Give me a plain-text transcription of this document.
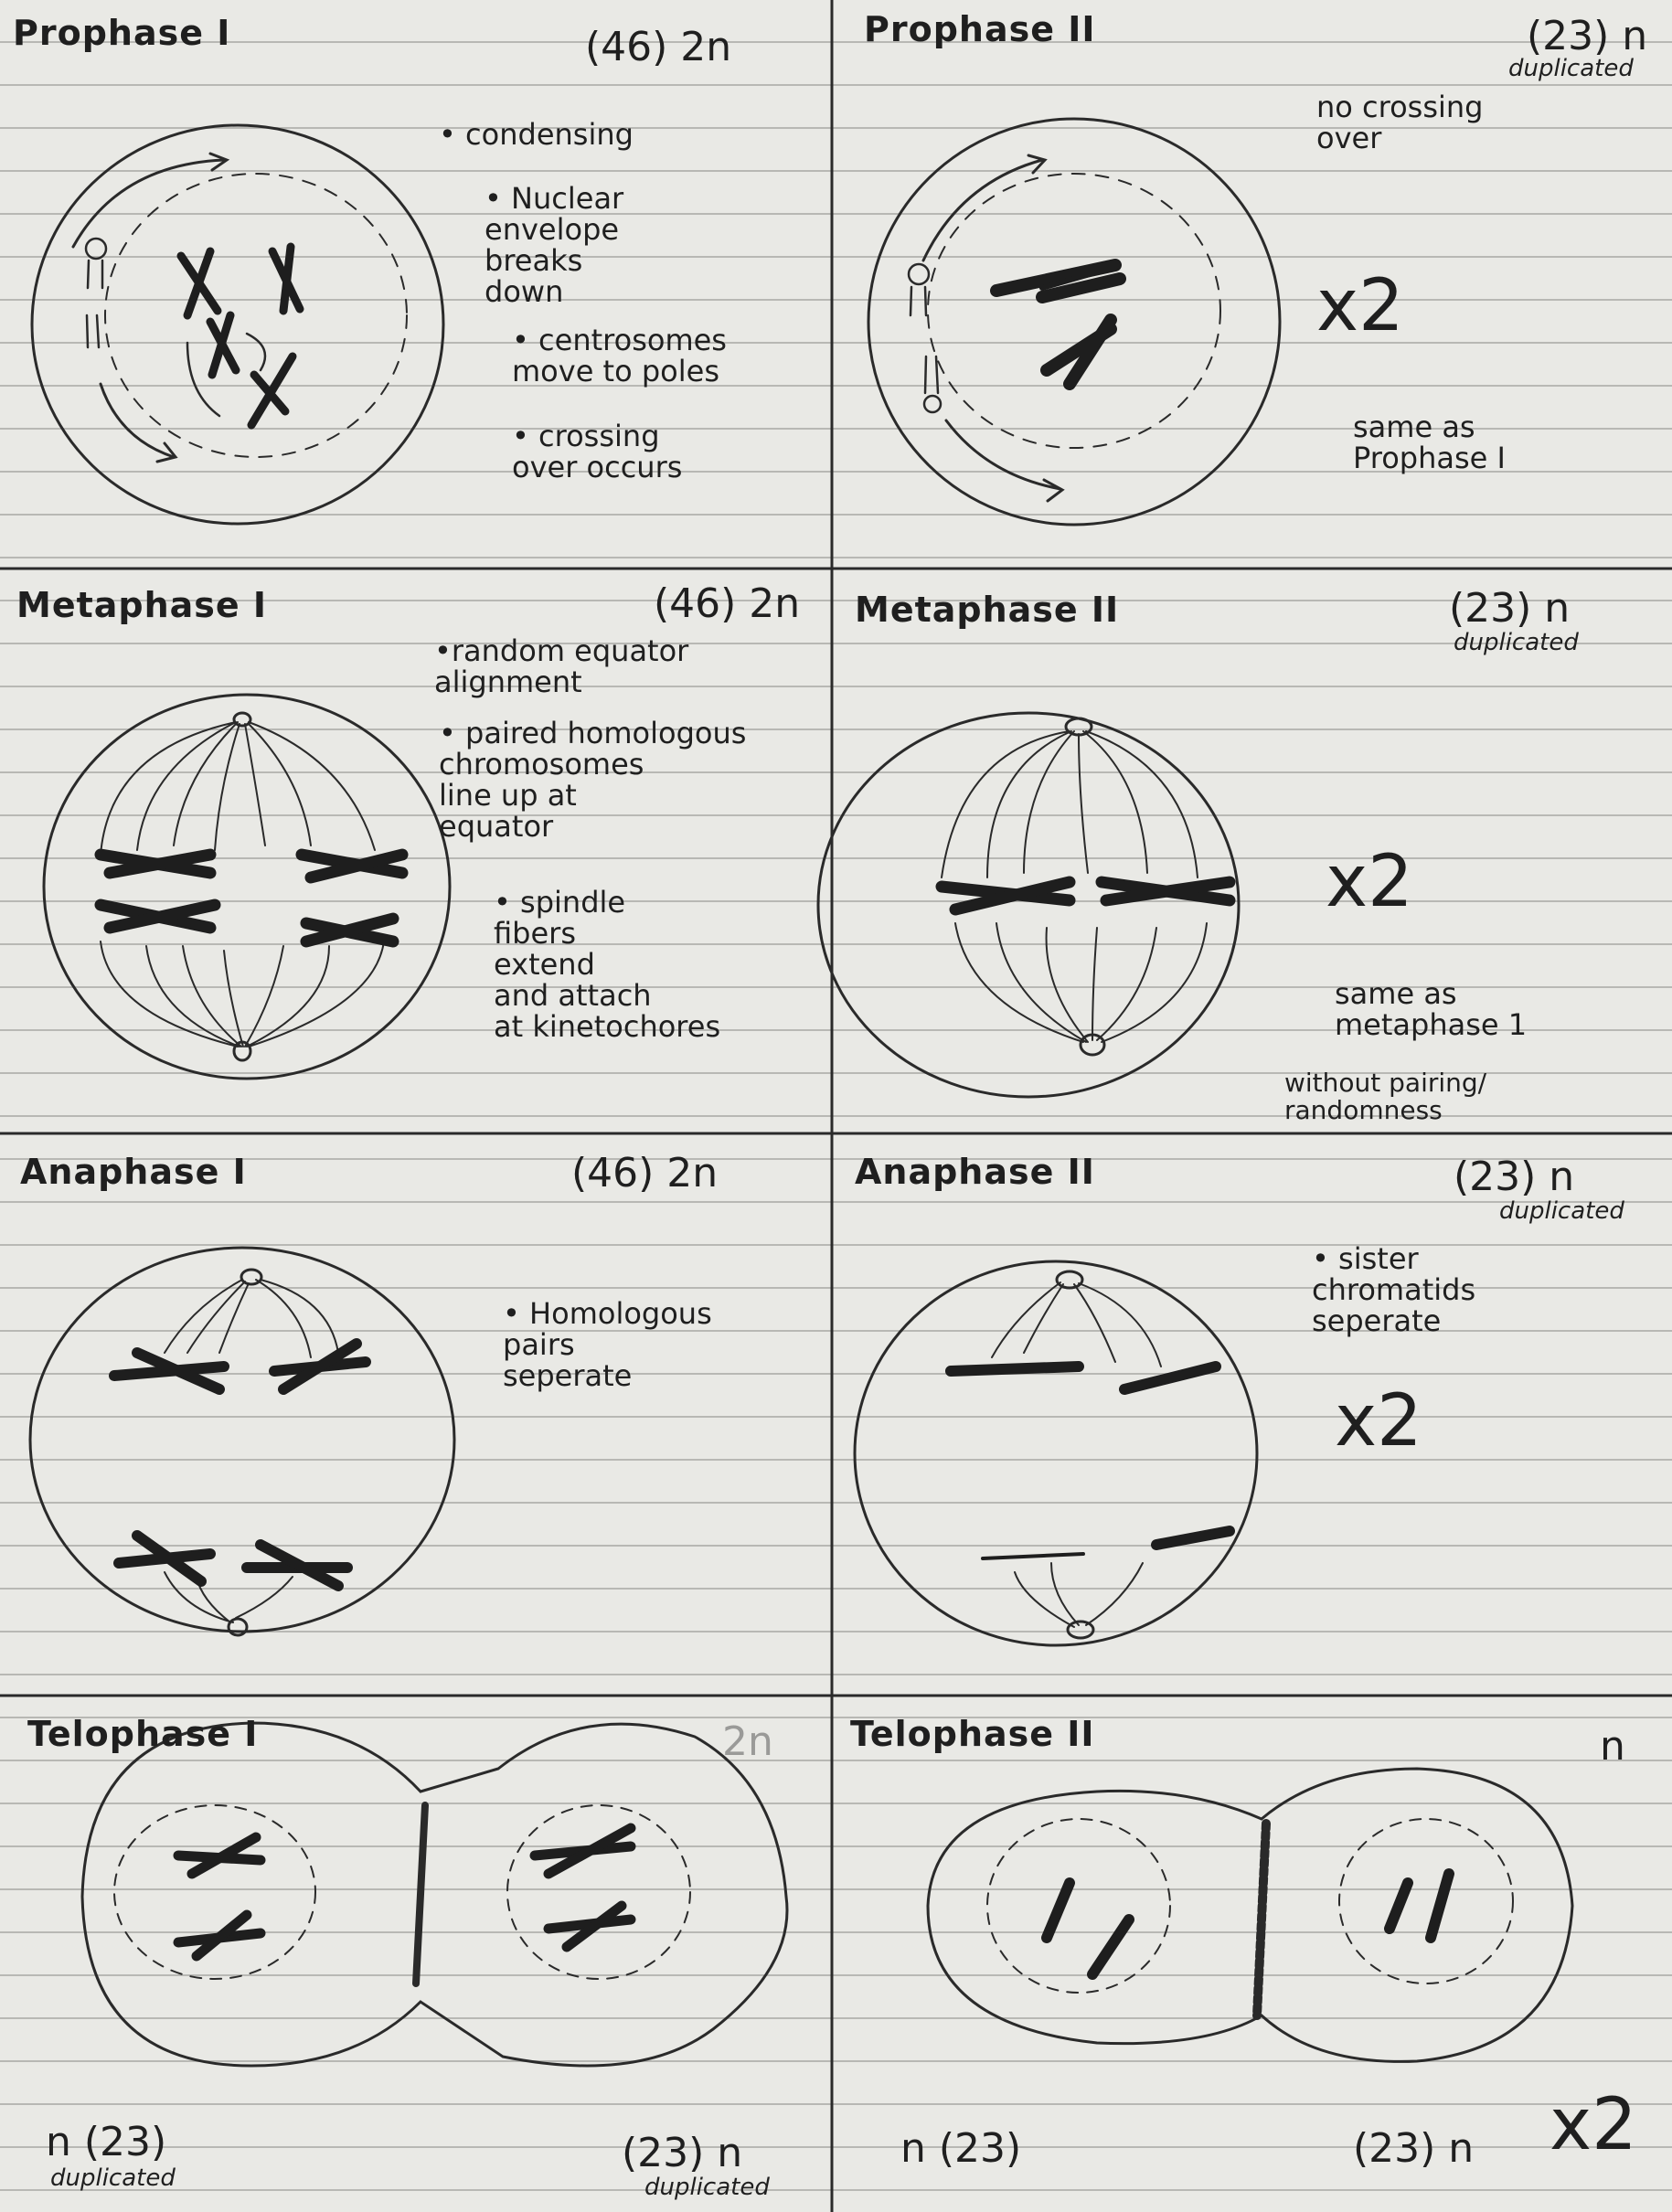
Prophase I	(46) 2n
• condensing
• Nuclear
envelope
breaks
down
• centrosomes
move to poles
• crossing
over occurs
Prophase II	(23) n
duplicated
no crossing
over
x2
same as
Prophase I
Metaphase I	(46) 2n
•random equator
alignment
• paired homologous
chromosomes
line up at
equator
• spindle
fibers
extend
and attach
at kinetochores
Metaphase II	(23) n
duplicated
x2
same as
metaphase 1
without pairing/
randomness
Anaphase I	(46) 2n
• Homologous
pairs
seperate
Anaphase II	(23) n
duplicated
• sister
chromatids
seperate
x2
Telophase I	2n
n (23)
duplicated
(23) n
duplicated
Telophase II	n
n (23)	(23) n x2
